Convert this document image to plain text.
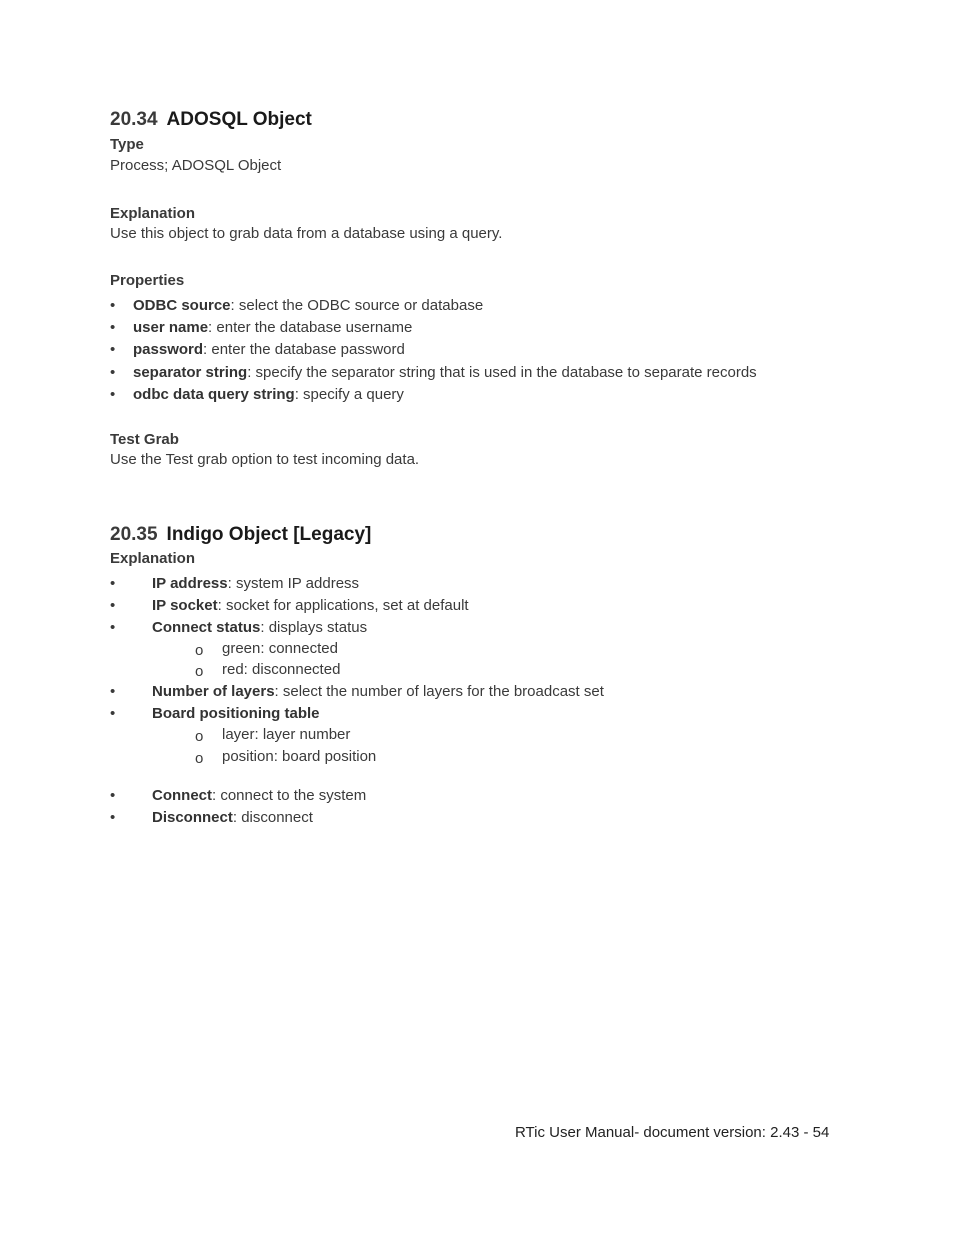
20.34 ADOSQL Object
Type
Process; ADOSQL Object
Explanation
Use this object to grab data from a database using a query.
Properties
• ODBC source: select the ODBC source or database
• user name: enter the database username
• password: enter the database password
• separator string: specify the separator string that is used in the database to separate records
• odbc data query string: specify a query
Test Grab
Use the Test grab option to test incoming data.
20.35 Indigo Object [Legacy]
Explanation
• IP address: system IP address
• IP socket: socket for applications, set at default
• Connect status: displays status
o green: connected
o red: disconnected
• Number of layers: select the number of layers for the broadcast set
• Board positioning table
o layer: layer number
o position: board position
• Connect: connect to the system
• Disconnect: disconnect
RTic User Manual- document version: 2.43 - 54
